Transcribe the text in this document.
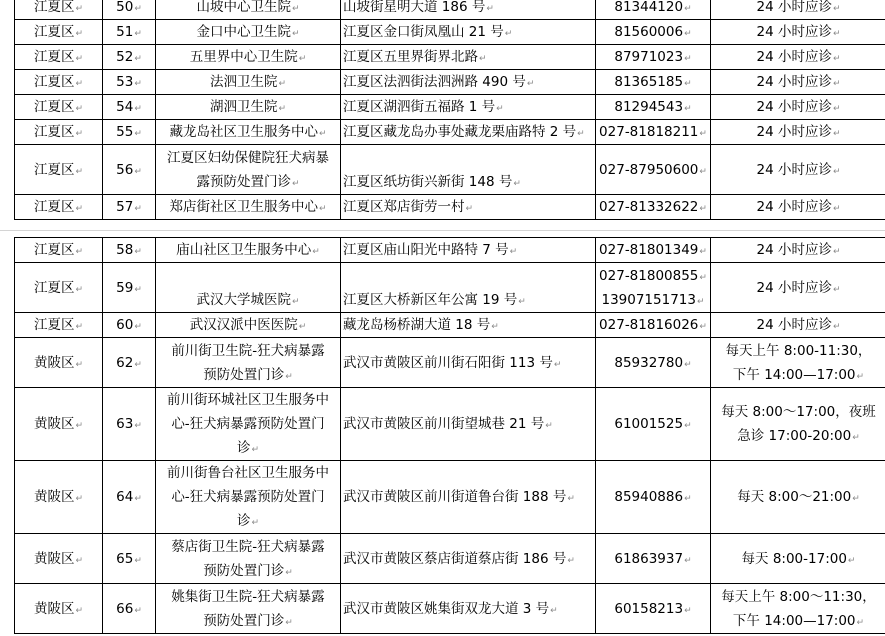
江夏区↵	50↵	山坡中心卫生院↵	山坡街星明大道 186 号↵	81344120↵	24 小时应诊↵
江夏区↵	51↵	金口中心卫生院↵	江夏区金口街凤凰山 21 号↵	81560006↵	24 小时应诊↵
江夏区↵	52↵	五里界中心卫生院↵	江夏区五里界街界北路↵	87971023↵	24 小时应诊↵
江夏区↵	53↵	法泗卫生院↵	江夏区法泗街法泗洲路 490 号↵	81365185↵	24 小时应诊↵
江夏区↵	54↵	湖泗卫生院↵	江夏区湖泗街五福路 1 号↵	81294543↵	24 小时应诊↵
江夏区↵	55↵	藏龙岛社区卫生服务中心↵	江夏区藏龙岛办事处藏龙栗庙路特 2 号↵	027-81818211↵	24 小时应诊↵
江夏区↵	56↵	江夏区妇幼保健院狂犬病暴
露预防处置门诊↵	江夏区纸坊街兴新街 148 号↵	027-87950600↵	24 小时应诊↵
江夏区↵	57↵	郑店街社区卫生服务中心↵	江夏区郑店街劳一村↵	027-81332622↵	24 小时应诊↵
江夏区↵	58↵	庙山社区卫生服务中心↵	江夏区庙山阳光中路特 7 号↵	027-81801349↵	24 小时应诊↵
江夏区↵	59↵	武汉大学城医院↵	江夏区大桥新区年公寓 19 号↵	027-81800855↵
13907151713↵	24 小时应诊↵
江夏区↵	60↵	武汉汉派中医医院↵	藏龙岛杨桥湖大道 18 号↵	027-81816026↵	24 小时应诊↵
黄陂区↵	62↵	前川街卫生院-狂犬病暴露
预防处置门诊↵	武汉市黄陂区前川街石阳街 113 号↵	85932780↵	每天上午 8:00-11:30，
下午 14:00—17:00↵

黄陂区↵	63↵	前川街环城社区卫生服务中
心-狂犬病暴露预防处置门
诊↵	武汉市黄陂区前川街望城巷 21 号↵	61001525↵	每天 8:00～17:00，夜班
急诊 17:00-20:00↵

黄陂区↵	64↵	前川街鲁台社区卫生服务中
心-狂犬病暴露预防处置门
诊↵	武汉市黄陂区前川街道鲁台街 188 号↵	85940886↵	每天 8:00～21:00↵
黄陂区↵	65↵	蔡店街卫生院-狂犬病暴露
预防处置门诊↵	武汉市黄陂区蔡店街道蔡店街 186 号↵	61863937↵	每天 8:00-17:00↵
黄陂区↵	66↵	姚集街卫生院-狂犬病暴露
预防处置门诊↵	武汉市黄陂区姚集街双龙大道 3 号↵	60158213↵	每天上午 8:00～11:30，
下午 14:00—17:00↵
